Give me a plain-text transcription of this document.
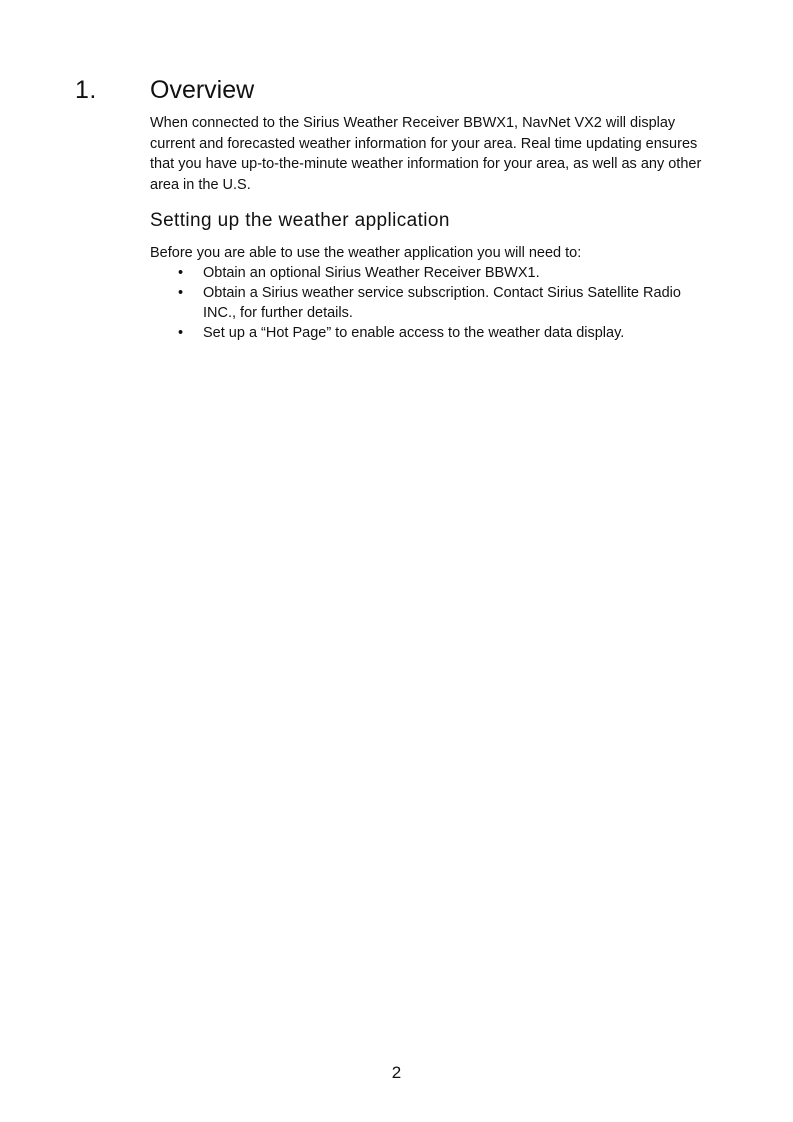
1. Overview

When connected to the Sirius Weather Receiver BBWX1, NavNet VX2 will display current and forecasted weather information for your area. Real time updating ensures that you have up-to-the-minute weather information for your area, as well as any other area in the U.S.

Setting up the weather application

Before you are able to use the weather application you will need to:

• Obtain an optional Sirius Weather Receiver BBWX1.
• Obtain a Sirius weather service subscription. Contact Sirius Satellite Radio INC., for further details.
• Set up a “Hot Page” to enable access to the weather data display.
2
